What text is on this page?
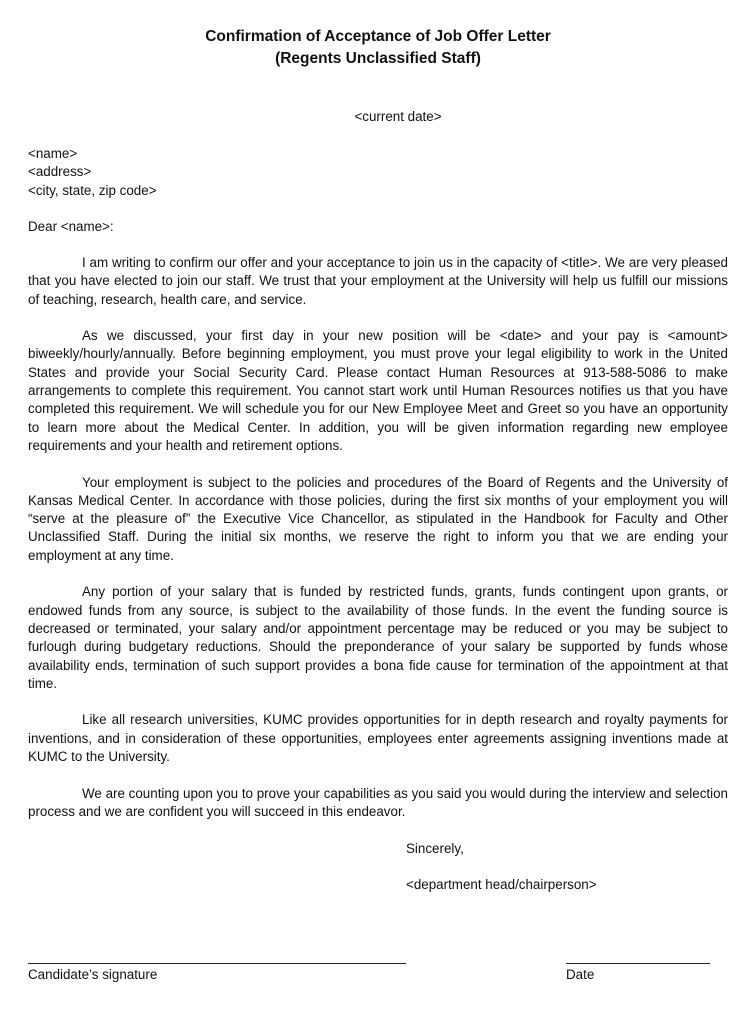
Confirmation of Acceptance of Job Offer Letter
(Regents Unclassified Staff)
<current date>
<name>
<address>
<city, state, zip code>
Dear <name>:

I am writing to confirm our offer and your acceptance to join us in the capacity of <title>. We are very pleased that you have elected to join our staff. We trust that your employment at the University will help us fulfill our missions of teaching, research, health care, and service.

As we discussed, your first day in your new position will be <date> and your pay is <amount> biweekly/hourly/annually. Before beginning employment, you must prove your legal eligibility to work in the United States and provide your Social Security Card. Please contact Human Resources at 913-588-5086 to make arrangements to complete this requirement. You cannot start work until Human Resources notifies us that you have completed this requirement. We will schedule you for our New Employee Meet and Greet so you have an opportunity to learn more about the Medical Center. In addition, you will be given information regarding new employee requirements and your health and retirement options.

Your employment is subject to the policies and procedures of the Board of Regents and the University of Kansas Medical Center. In accordance with those policies, during the first six months of your employment you will “serve at the pleasure of” the Executive Vice Chancellor, as stipulated in the Handbook for Faculty and Other Unclassified Staff. During the initial six months, we reserve the right to inform you that we are ending your employment at any time.

Any portion of your salary that is funded by restricted funds, grants, funds contingent upon grants, or endowed funds from any source, is subject to the availability of those funds. In the event the funding source is decreased or terminated, your salary and/or appointment percentage may be reduced or you may be subject to furlough during budgetary reductions. Should the preponderance of your salary be supported by funds whose availability ends, termination of such support provides a bona fide cause for termination of the appointment at that time.

Like all research universities, KUMC provides opportunities for in depth research and royalty payments for inventions, and in consideration of these opportunities, employees enter agreements assigning inventions made at KUMC to the University.

We are counting upon you to prove your capabilities as you said you would during the interview and selection process and we are confident you will succeed in this endeavor.

Sincerely,
<department head/chairperson>
Candidate’s signature	Date
